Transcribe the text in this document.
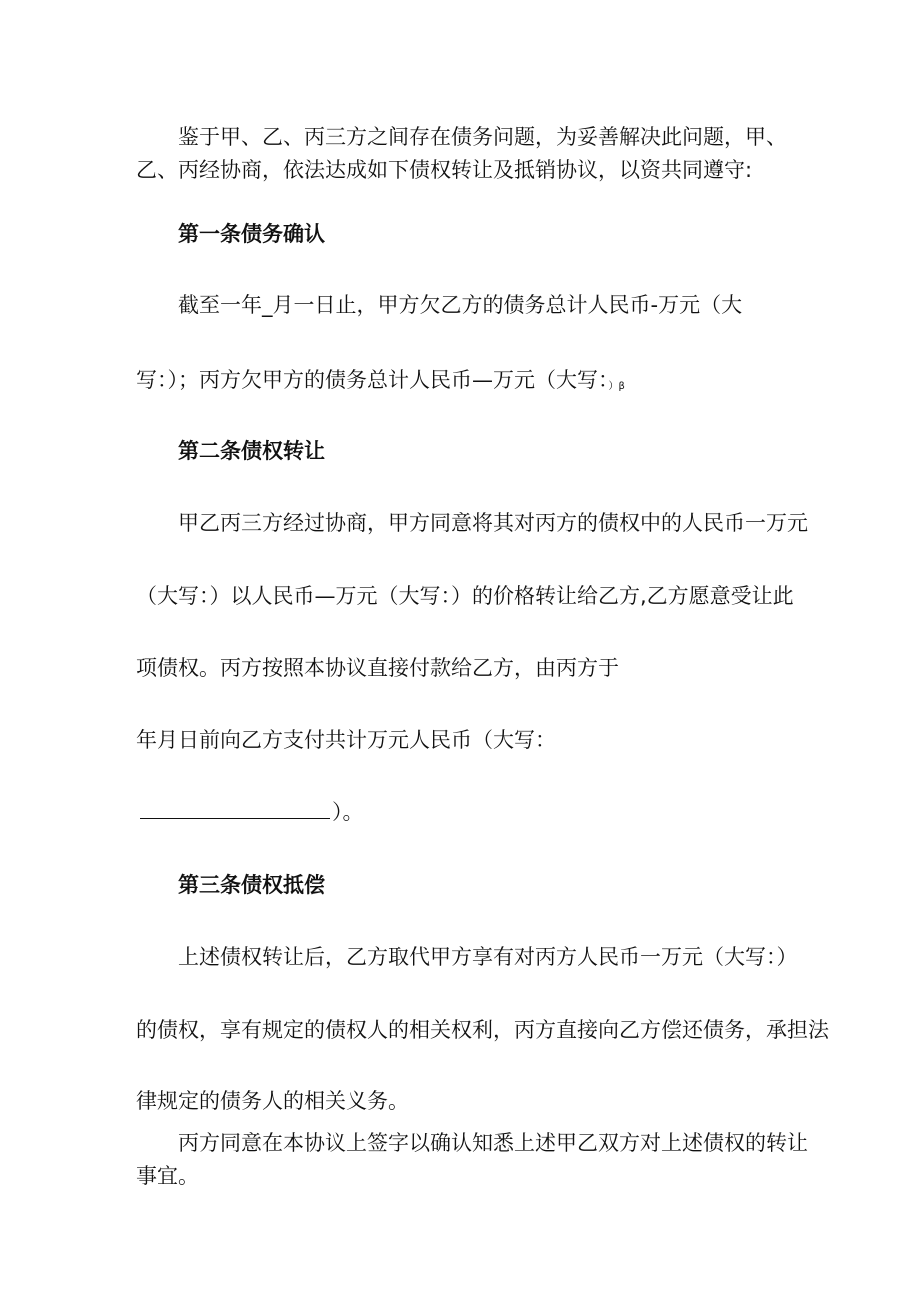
鉴于甲、乙、丙三方之间存在债务问题，为妥善解决此问题，甲、

乙、丙经协商，依法达成如下债权转让及抵销协议，以资共同遵守:

第一条债务确认

截至一年_月一日止，甲方欠乙方的债务总计人民币-万元（大

写：）；丙方欠甲方的债务总计人民币—万元（大写：）β

第二条债权转让

甲乙丙三方经过协商，甲方同意将其对丙方的债权中的人民币一万元

（大写：）以人民币—万元（大写：）的价格转让给乙方,乙方愿意受让此

项债权。丙方按照本协议直接付款给乙方，由丙方于

年月日前向乙方支付共计万元人民币（大写：

）。

第三条债权抵偿

上述债权转让后，乙方取代甲方享有对丙方人民币一万元（大写：）

的债权，享有规定的债权人的相关权利，丙方直接向乙方偿还债务，承担法

律规定的债务人的相关义务。

丙方同意在本协议上签字以确认知悉上述甲乙双方对上述债权的转让

事宜。
